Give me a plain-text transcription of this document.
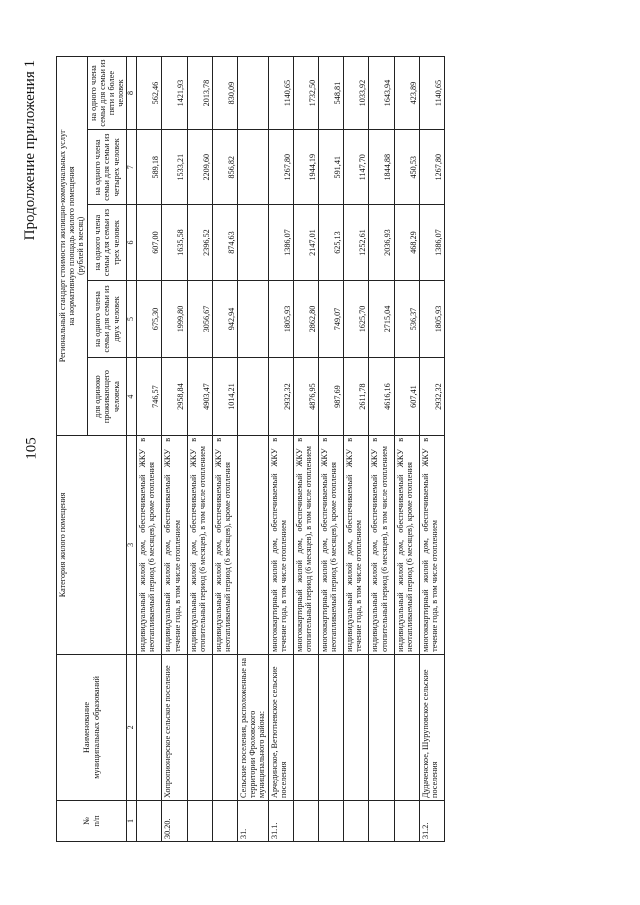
105
Продолжение приложения 1
№
п/п	Наименование
муниципальных образований	Категория жилого помещения	Региональный стандарт стоимости жилищно-коммунальных услуг
на нормативную площадь жилого помещения
(рублей в месяц)				
			для одиноко проживающего человека	на одного члена семьи для семьи из двух человек	на одного члена семьи для семьи из трех человек	на одного члена семьи для семьи из четырех человек	на одного члена семьи для семьи из пяти и более человек
1	2	3	4	5	6	7	8
		индивидуальный жилой дом, обеспечиваемый ЖКУ в неотапливаемый период (6 месяцев), кроме отопления	746,57	675,30	607,00	589,18	562,46
30.20.	Хопропионерское сельское поселение	индивидуальный жилой дом, обеспечиваемый ЖКУ в течение года, в том числе отоплением	2958,84	1999,80	1635,58	1533,21	1421,93
		индивидуальный жилой дом, обеспечиваемый ЖКУ в отопительный период (6 месяцев), в том числе отоплением	4903,47	3056,67	2396,52	2209,60	2013,78
		индивидуальный жилой дом, обеспечиваемый ЖКУ в неотапливаемый период (6 месяцев), кроме отопления	1014,21	942,94	874,63	856,82	830,09
31.	Сельские поселения, расположенные на территории Фроловского муниципального района:						
31.1.	Арчединское, Ветютневское сельские поселения	многоквартирный жилой дом, обеспечиваемый ЖКУ в течение года, в том числе отоплением	2932,32	1805,93	1386,07	1267,80	1140,65
		многоквартирный жилой дом, обеспечиваемый ЖКУ в отопительный период (6 месяцев), в том числе отоплением	4876,95	2862,80	2147,01	1944,19	1732,50
		многоквартирный жилой дом, обеспечиваемый ЖКУ в неотапливаемый период (6 месяцев), кроме отопления	987,69	749,07	625,13	591,41	548,81
		индивидуальный жилой дом, обеспечиваемый ЖКУ в течение года, в том числе отоплением	2611,78	1625,70	1252,61	1147,70	1033,92
		индивидуальный жилой дом, обеспечиваемый ЖКУ в отопительный период (6 месяцев), в том числе отоплением	4616,16	2715,04	2036,93	1844,88	1643,94
		индивидуальный жилой дом, обеспечиваемый ЖКУ в неотапливаемый период (6 месяцев), кроме отопления	607,41	536,37	468,29	450,53	423,89
31.2.	Дудаченское, Шуруповское сельские поселения	многоквартирный жилой дом, обеспечиваемый ЖКУ в течение года, в том числе отоплением	2932,32	1805,93	1386,07	1267,80	1140,65
